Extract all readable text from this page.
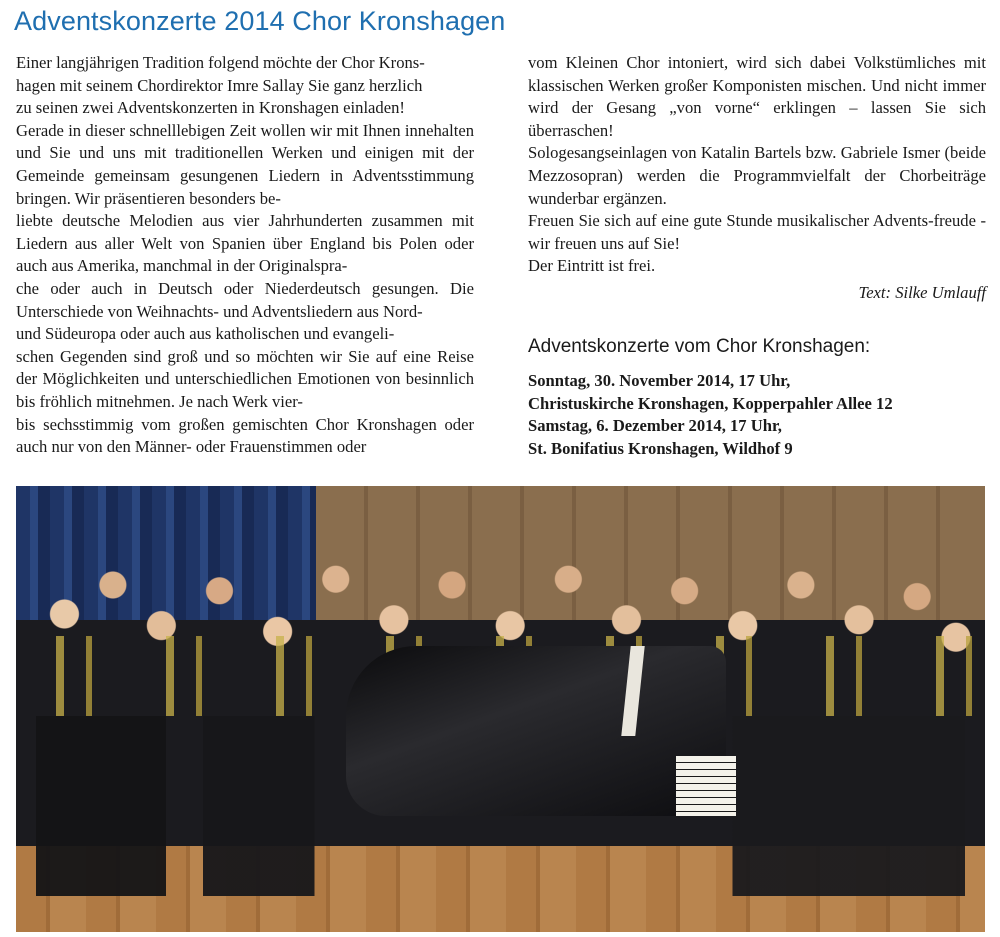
Adventskonzerte 2014 Chor Kronshagen

Einer langjährigen Tradition folgend möchte der Chor Krons-
hagen mit seinem Chordirektor Imre Sallay Sie ganz herzlich
zu seinen zwei Adventskonzerten in Kronshagen einladen!
Gerade in dieser schnelllebigen Zeit wollen wir mit Ihnen innehalten und Sie und uns mit traditionellen Werken und einigen mit der Gemeinde gemeinsam gesungenen Liedern in Adventsstimmung bringen. Wir präsentieren besonders be-
liebte deutsche Melodien aus vier Jahrhunderten zusammen mit Liedern aus aller Welt von Spanien über England bis Polen oder auch aus Amerika, manchmal in der Originalspra-
che oder auch in Deutsch oder Niederdeutsch gesungen. Die Unterschiede von Weihnachts- und Adventsliedern aus Nord-
und Südeuropa oder auch aus katholischen und evangeli-
schen Gegenden sind groß und so möchten wir Sie auf eine Reise der Möglichkeiten und unterschiedlichen Emotionen von besinnlich bis fröhlich mitnehmen. Je nach Werk vier-
bis sechsstimmig vom großen gemischten Chor Kronshagen oder auch nur von den Männer- oder Frauenstimmen oder

vom Kleinen Chor intoniert, wird sich dabei Volkstümliches mit klassischen Werken großer Komponisten mischen. Und nicht immer wird der Gesang „von vorne“ erklingen – lassen Sie sich überraschen!

Sologesangseinlagen von Katalin Bartels bzw. Gabriele Ismer (beide Mezzosopran) werden die Programmvielfalt der Chorbeiträge wunderbar ergänzen.

Freuen Sie sich auf eine gute Stunde musikalischer Advents-freude - wir freuen uns auf Sie!

Der Eintritt ist frei.

Text: Silke Umlauff

Adventskonzerte vom Chor Kronshagen:

Sonntag, 30. November 2014, 17 Uhr,

Christuskirche Kronshagen, Kopperpahler Allee 12

Samstag, 6. Dezember 2014, 17 Uhr,

St. Bonifatius Kronshagen, Wildhof 9
